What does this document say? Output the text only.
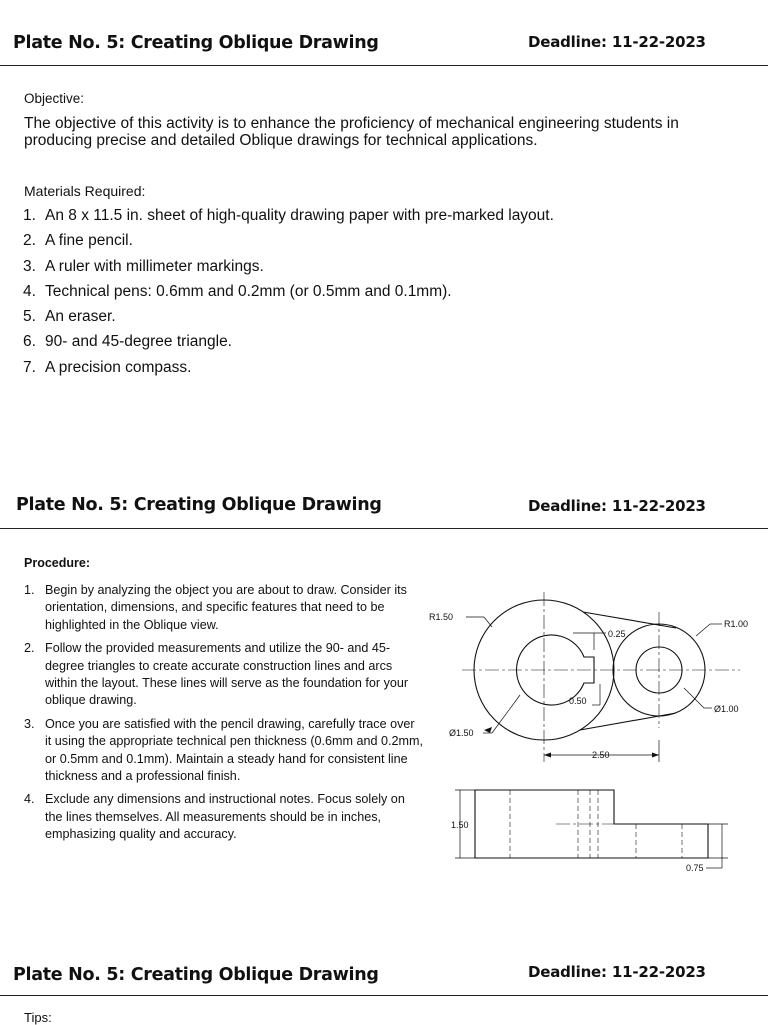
Plate No. 5: Creating Oblique Drawing	Deadline: 11-22-2023
Objective:
The objective of this activity is to enhance the proficiency of mechanical engineering students in producing precise and detailed Oblique drawings for technical applications.
Materials Required:
1. An 8 x 11.5 in. sheet of high-quality drawing paper with pre-marked layout.
2. A fine pencil.
3. A ruler with millimeter markings.
4. Technical pens: 0.6mm and 0.2mm (or 0.5mm and 0.1mm).
5. An eraser.
6. 90- and 45-degree triangle.
7. A precision compass.
Plate No. 5: Creating Oblique Drawing	Deadline: 11-22-2023
Procedure:
1. Begin by analyzing the object you are about to draw. Consider its orientation, dimensions, and specific features that need to be highlighted in the Oblique view.
2. Follow the provided measurements and utilize the 90- and 45-degree triangles to create accurate construction lines and arcs within the layout. These lines will serve as the foundation for your oblique drawing.
3. Once you are satisfied with the pencil drawing, carefully trace over it using the appropriate technical pen thickness (0.6mm and 0.2mm, or 0.5mm and 0.1mm). Maintain a steady hand for consistent line thickness and a professional finish.
4. Exclude any dimensions and instructional notes. Focus solely on the lines themselves. All measurements should be in inches, emphasizing quality and accuracy.
R1.50
R1.00
0.25
0.50
Ø1.00
Ø1.50
2.50
1.50
0.75
Plate No. 5: Creating Oblique Drawing	Deadline: 11-22-2023
Tips:
